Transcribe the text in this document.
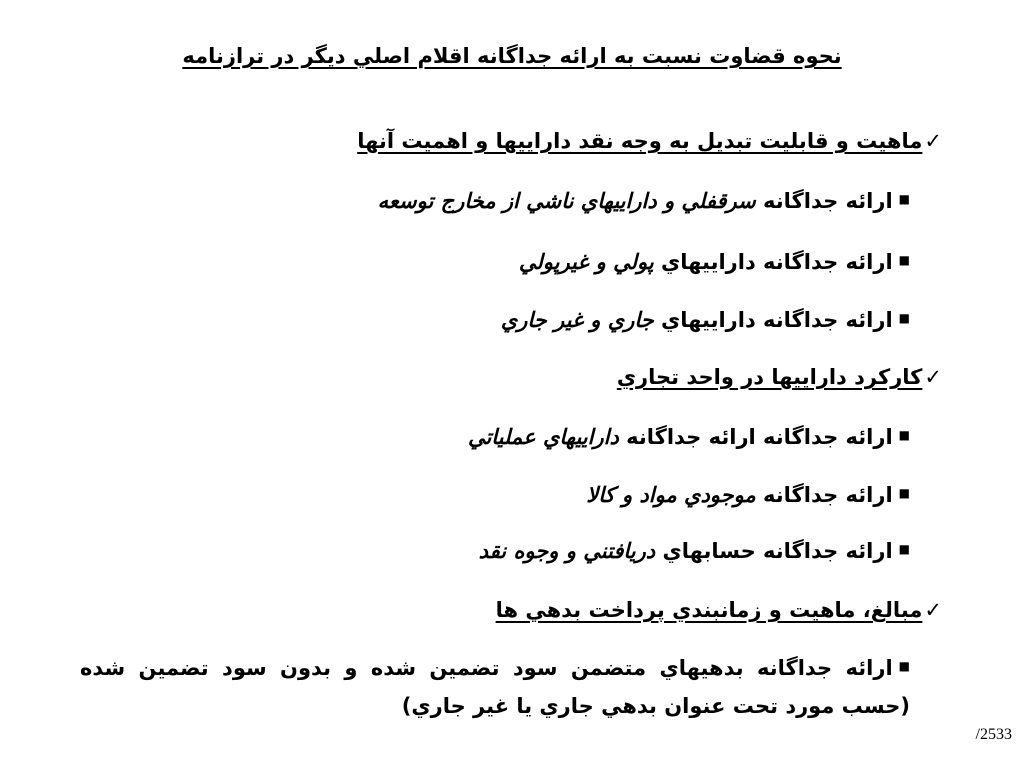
نحوه قضاوت نسبت به ارائه جداگانه اقلام اصلي ديگر در ترازنامه
✓ماهيت و قابليت تبديل به وجه نقد داراييها و اهميت آنها
■ارائه جداگانه سرقفلي و داراييهاي ناشي از مخارج توسعه
■ارائه جداگانه داراييهاي پولي و غيرپولي
■ارائه جداگانه داراييهاي جاري و غير جاري
✓کارکرد داراييها در واحد تجاري
■ارائه جداگانه ارائه جداگانه داراييهاي عملياتي
■ارائه جداگانه موجودي مواد و کالا
■ارائه جداگانه حسابهاي دريافتني و وجوه نقد
✓مبالغ، ماهيت و زمانبندي پرداخت بدهي ها
■ارائه جداگانه بدهيهاي متضمن سود تضمين شده و بدون سود تضمين شده (حسب مورد تحت عنوان بدهي جاري يا غير جاري)
/2533
